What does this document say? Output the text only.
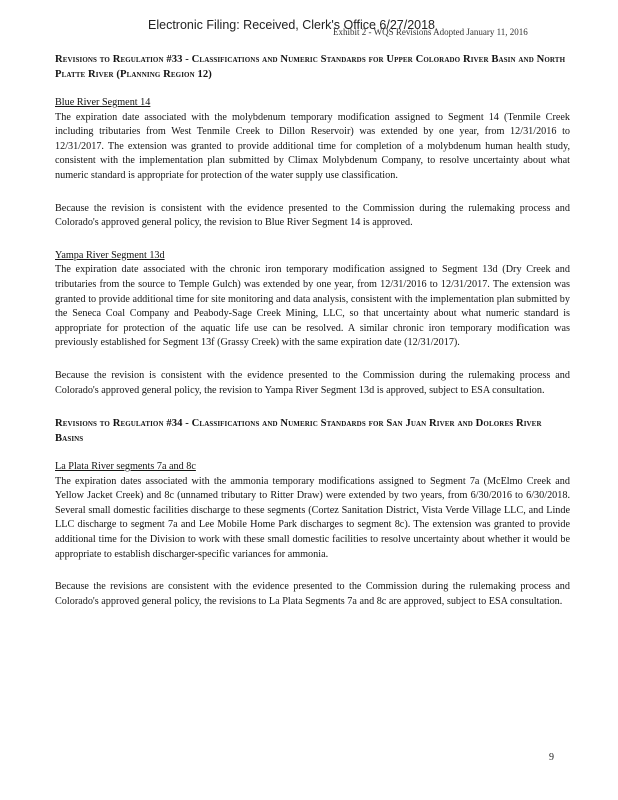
Electronic Filing: Received, Clerk's Office 6/27/2018
Exhibit 2 - WQS Revisions Adopted January 11, 2016

Revisions to Regulation #33 - Classifications and Numeric Standards for Upper Colorado River Basin and North Platte River (Planning Region 12)

Blue River Segment 14

The expiration date associated with the molybdenum temporary modification assigned to Segment 14 (Tenmile Creek including tributaries from West Tenmile Creek to Dillon Reservoir) was extended by one year, from 12/31/2016 to 12/31/2017. The extension was granted to provide additional time for completion of a molybdenum human health study, consistent with the implementation plan submitted by Climax Molybdenum Company, to resolve uncertainty about what numeric standard is appropriate for protection of the water supply use classification.

Because the revision is consistent with the evidence presented to the Commission during the rulemaking process and Colorado's approved general policy, the revision to Blue River Segment 14 is approved.

Yampa River Segment 13d

The expiration date associated with the chronic iron temporary modification assigned to Segment 13d (Dry Creek and tributaries from the source to Temple Gulch) was extended by one year, from 12/31/2016 to 12/31/2017. The extension was granted to provide additional time for site monitoring and data analysis, consistent with the implementation plan submitted by the Seneca Coal Company and Peabody-Sage Creek Mining, LLC, so that uncertainty about what numeric standard is appropriate for protection of the aquatic life use can be resolved. A similar chronic iron temporary modification was previously established for Segment 13f (Grassy Creek) with the same expiration date (12/31/2017).

Because the revision is consistent with the evidence presented to the Commission during the rulemaking process and Colorado's approved general policy, the revision to Yampa River Segment 13d is approved, subject to ESA consultation.

Revisions to Regulation #34 - Classifications and Numeric Standards for San Juan River and Dolores River Basins

La Plata River segments 7a and 8c

The expiration dates associated with the ammonia temporary modifications assigned to Segment 7a (McElmo Creek and Yellow Jacket Creek) and 8c (unnamed tributary to Ritter Draw) were extended by two years, from 6/30/2016 to 6/30/2018. Several small domestic facilities discharge to these segments (Cortez Sanitation District, Vista Verde Village LLC, and Linde LLC discharge to segment 7a and Lee Mobile Home Park discharges to segment 8c). The extension was granted to provide additional time for the Division to work with these small domestic facilities to resolve uncertainty about whether it would be appropriate to establish discharger-specific variances for ammonia.

Because the revisions are consistent with the evidence presented to the Commission during the rulemaking process and Colorado's approved general policy, the revisions to La Plata Segments 7a and 8c are approved, subject to ESA consultation.

9
